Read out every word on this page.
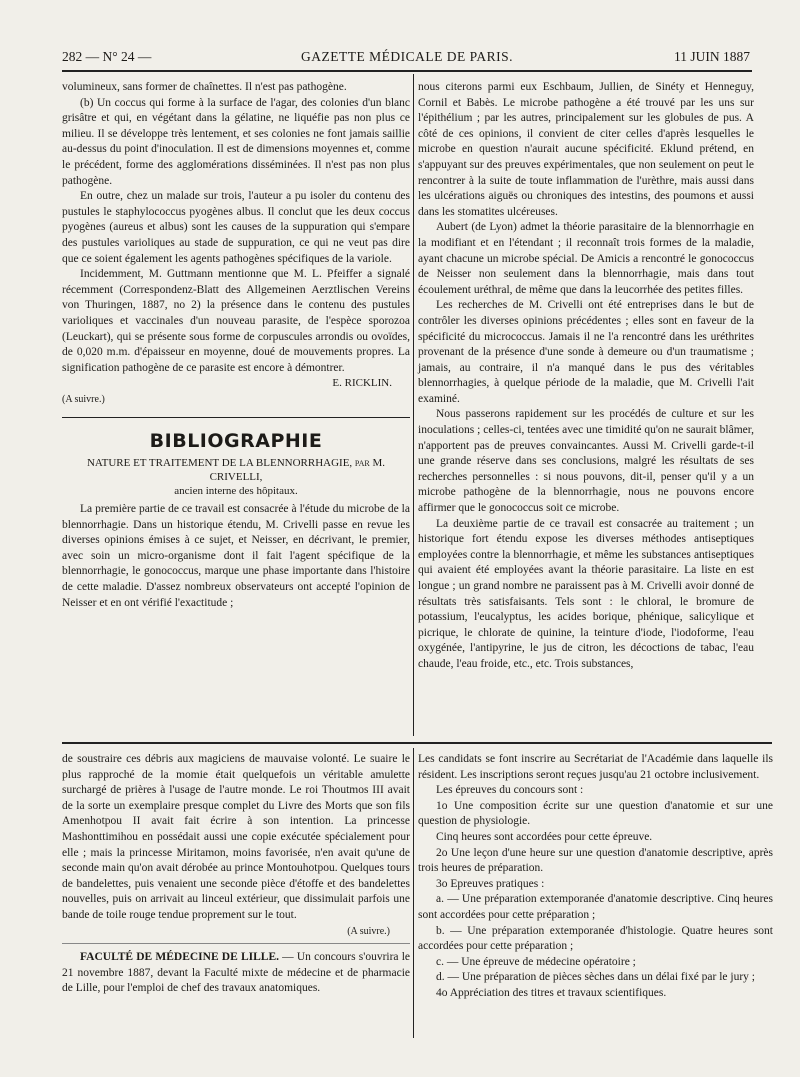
282 — N° 24 —	GAZETTE MÉDICALE DE PARIS.	11 JUIN 1887

volumineux, sans former de chaînettes. Il n'est pas pathogène.

(b) Un coccus qui forme à la surface de l'agar, des colonies d'un blanc grisâtre et qui, en végétant dans la gélatine, ne liquéfie pas non plus ce milieu. Il se développe très lentement, et ses colonies ne font jamais saillie au-dessus du point d'inoculation. Il est de dimensions moyennes et, comme le précédent, forme des agglomérations disséminées. Il n'est pas non plus pathogène.

En outre, chez un malade sur trois, l'auteur a pu isoler du contenu des pustules le staphylococcus pyogènes albus. Il conclut que les deux coccus pyogènes (aureus et albus) sont les causes de la suppuration qui s'empare des pustules varioliques au stade de suppuration, ce qui ne veut pas dire que ce soient également les agents pathogènes spécifiques de la variole.

Incidemment, M. Guttmann mentionne que M. L. Pfeiffer a signalé récemment (Correspondenz-Blatt des Allgemeinen Aerztlischen Vereins von Thuringen, 1887, no 2) la présence dans le contenu des pustules varioliques et vaccinales d'un nouveau parasite, de l'espèce sporozoa (Leuckart), qui se présente sous forme de corpuscules arrondis ou ovoïdes, de 0,020 m.m. d'épaisseur en moyenne, doué de mouvements propres. La signification pathogène de ce parasite est encore à démontrer.

E. RICKLIN.

(A suivre.)

BIBLIOGRAPHIE
NATURE ET TRAITEMENT DE LA BLENNORRHAGIE, par M. CRIVELLI,
ancien interne des hôpitaux.

La première partie de ce travail est consacrée à l'étude du microbe de la blennorrhagie. Dans un historique étendu, M. Crivelli passe en revue les diverses opinions émises à ce sujet, et Neisser, en décrivant, le premier, avec soin un micro-organisme dont il fait l'agent spécifique de la blennorrhagie, le gonococcus, marque une phase importante dans l'histoire de cette maladie. D'assez nombreux observateurs ont accepté l'opinion de Neisser et en ont vérifié l'exactitude ;

nous citerons parmi eux Eschbaum, Jullien, de Sinéty et Henneguy, Cornil et Babès. Le microbe pathogène a été trouvé par les uns sur l'épithélium ; par les autres, principalement sur les globules de pus. A côté de ces opinions, il convient de citer celles d'après lesquelles le microbe en question n'aurait aucune spécificité. Eklund prétend, en s'appuyant sur des preuves expérimentales, que non seulement on peut le rencontrer à la suite de toute inflammation de l'urèthre, mais aussi dans les ulcérations aiguës ou chroniques des intestins, des poumons et aussi dans les stomatites ulcéreuses.

Aubert (de Lyon) admet la théorie parasitaire de la blennorrhagie en la modifiant et en l'étendant ; il reconnaît trois formes de la maladie, ayant chacune un microbe spécial. De Amicis a rencontré le gonococcus de Neisser non seulement dans la blennorrhagie, mais dans tout écoulement uréthral, de même que dans la leucorrhée des petites filles.

Les recherches de M. Crivelli ont été entreprises dans le but de contrôler les diverses opinions précédentes ; elles sont en faveur de la spécificité du micrococcus. Jamais il ne l'a rencontré dans les uréthrites provenant de la présence d'une sonde à demeure ou d'un traumatisme ; jamais, au contraire, il n'a manqué dans le pus des véritables blennorrhagies, à quelque période de la maladie, que M. Crivelli l'ait examiné.

Nous passerons rapidement sur les procédés de culture et sur les inoculations ; celles-ci, tentées avec une timidité qu'on ne saurait blâmer, n'apportent pas de preuves convaincantes. Aussi M. Crivelli garde-t-il une grande réserve dans ses conclusions, malgré les résultats de ses recherches personnelles : si nous pouvons, dit-il, penser qu'il y a un microbe pathogène de la blennorrhagie, nous ne pouvons encore affirmer que le gonococcus soit ce microbe.

La deuxième partie de ce travail est consacrée au traitement ; un historique fort étendu expose les diverses méthodes antiseptiques employées contre la blennorrhagie, et même les substances antiseptiques qui avaient été employées avant la théorie parasitaire. La liste en est longue ; un grand nombre ne paraissent pas à M. Crivelli avoir donné de résultats très satisfaisants. Tels sont : le chloral, le bromure de potassium, l'eucalyptus, les acides borique, phénique, salicylique et picrique, le chlorate de quinine, la teinture d'iode, l'iodoforme, l'eau oxygénée, l'antipyrine, le jus de citron, les décoctions de tabac, l'eau chaude, l'eau froide, etc., etc. Trois substances,

de soustraire ces débris aux magiciens de mauvaise volonté. Le suaire le plus rapproché de la momie était quelquefois un véritable amulette surchargé de prières à l'usage de l'autre monde. Le roi Thoutmos III avait de la sorte un exemplaire presque complet du Livre des Morts que son fils Amenhotpou II avait fait écrire à son intention. La princesse Mashonttimihou en possédait aussi une copie exécutée spécialement pour elle ; mais la princesse Miritamon, moins favorisée, n'en avait qu'une de seconde main qu'on avait dérobée au prince Montouhotpou. Quelques tours de bandelettes, puis venaient une seconde pièce d'étoffe et des bandelettes nouvelles, puis on arrivait au linceul extérieur, que dissimulait parfois une bande de toile rouge tendue proprement sur le tout.

(A suivre.)

FACULTÉ DE MÉDECINE DE LILLE. — Un concours s'ouvrira le 21 novembre 1887, devant la Faculté mixte de médecine et de pharmacie de Lille, pour l'emploi de chef des travaux anatomiques.

Les candidats se font inscrire au Secrétariat de l'Académie dans laquelle ils résident. Les inscriptions seront reçues jusqu'au 21 octobre inclusivement.

Les épreuves du concours sont :

1o Une composition écrite sur une question d'anatomie et sur une question de physiologie.

Cinq heures sont accordées pour cette épreuve.

2o Une leçon d'une heure sur une question d'anatomie descriptive, après trois heures de préparation.

3o Epreuves pratiques :

a. — Une préparation extemporanée d'anatomie descriptive. Cinq heures sont accordées pour cette préparation ;

b. — Une préparation extemporanée d'histologie. Quatre heures sont accordées pour cette préparation ;

c. — Une épreuve de médecine opératoire ;

d. — Une préparation de pièces sèches dans un délai fixé par le jury ;

4o Appréciation des titres et travaux scientifiques.
